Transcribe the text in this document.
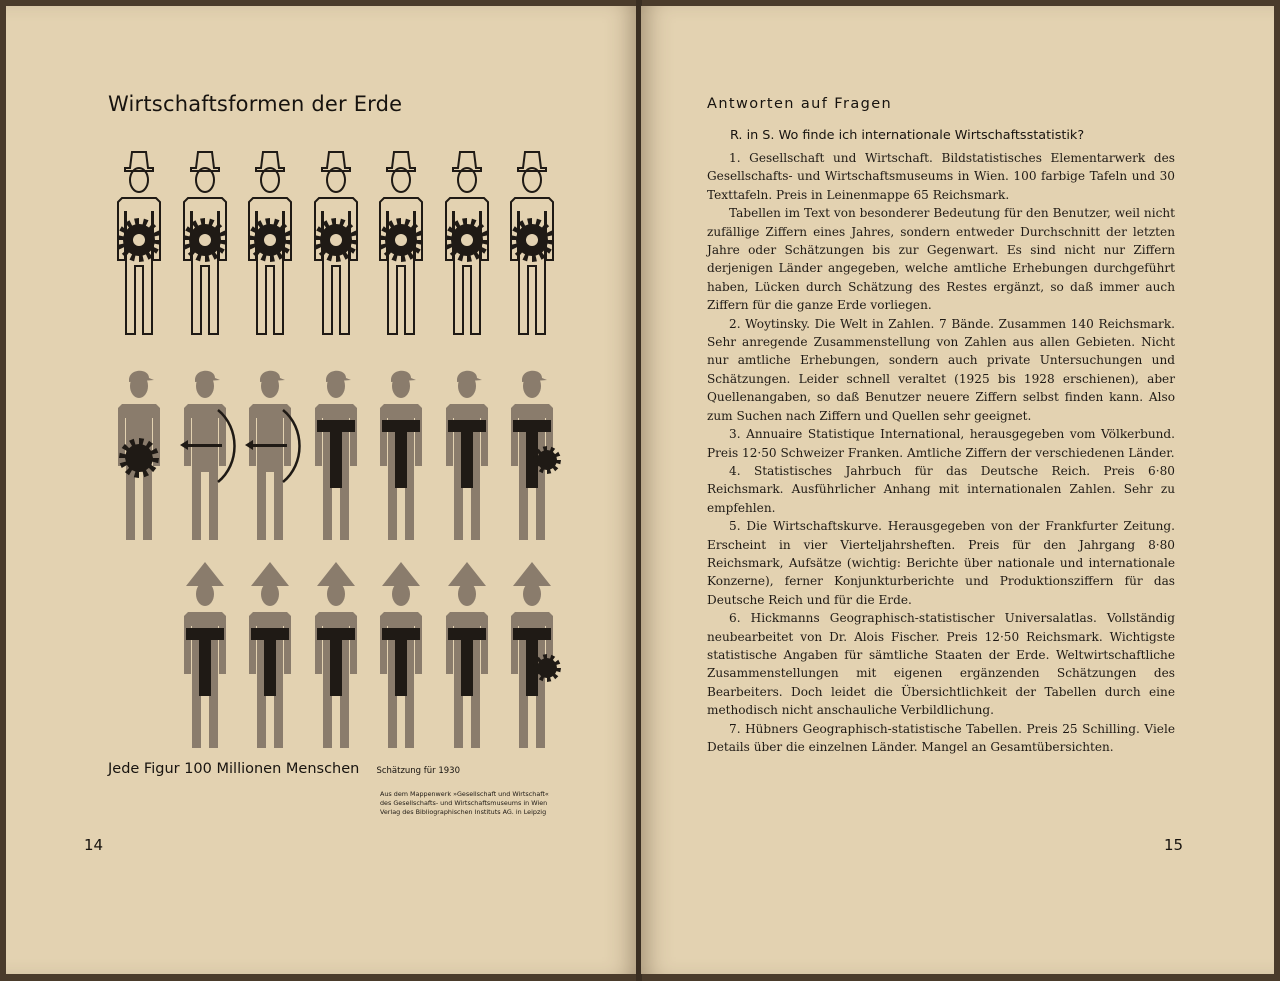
Wirtschaftsformen der Erde
Jede Figur 100 Millionen Menschen Schätzung für 1930
Aus dem Mappenwerk »Gesellschaft und Wirtschaft«
des Gesellschafts- und Wirtschaftsmuseums in Wien
Verlag des Bibliographischen Instituts AG. in Leipzig
14
Antworten auf Fragen
R. in S. Wo finde ich internationale Wirtschaftsstatistik?

1. Gesellschaft und Wirtschaft. Bildstatistisches Elementarwerk des Gesellschafts- und Wirtschaftsmuseums in Wien. 100 farbige Tafeln und 30 Texttafeln. Preis in Leinenmappe 65 Reichsmark.

Tabellen im Text von besonderer Bedeutung für den Benutzer, weil nicht zufällige Ziffern eines Jahres, sondern entweder Durchschnitt der letzten Jahre oder Schätzungen bis zur Gegenwart. Es sind nicht nur Ziffern derjenigen Länder angegeben, welche amtliche Erhebungen durchgeführt haben, Lücken durch Schätzung des Restes ergänzt, so daß immer auch Ziffern für die ganze Erde vorliegen.

2. Woytinsky. Die Welt in Zahlen. 7 Bände. Zusammen 140 Reichsmark. Sehr anregende Zusammenstellung von Zahlen aus allen Gebieten. Nicht nur amtliche Erhebungen, sondern auch private Untersuchungen und Schätzungen. Leider schnell veraltet (1925 bis 1928 erschienen), aber Quellenangaben, so daß Benutzer neuere Ziffern selbst finden kann. Also zum Suchen nach Ziffern und Quellen sehr geeignet.

3. Annuaire Statistique International, herausgegeben vom Völkerbund. Preis 12·50 Schweizer Franken. Amtliche Ziffern der verschiedenen Länder.

4. Statistisches Jahrbuch für das Deutsche Reich. Preis 6·80 Reichsmark. Ausführlicher Anhang mit internationalen Zahlen. Sehr zu empfehlen.

5. Die Wirtschaftskurve. Herausgegeben von der Frankfurter Zeitung. Erscheint in vier Vierteljahrsheften. Preis für den Jahrgang 8·80 Reichsmark, Aufsätze (wichtig: Berichte über nationale und internationale Konzerne), ferner Konjunkturberichte und Produktionsziffern für das Deutsche Reich und für die Erde.

6. Hickmanns Geographisch-statistischer Universalatlas. Vollständig neubearbeitet von Dr. Alois Fischer. Preis 12·50 Reichsmark. Wichtigste statistische Angaben für sämtliche Staaten der Erde. Weltwirtschaftliche Zusammenstellungen mit eigenen ergänzenden Schätzungen des Bearbeiters. Doch leidet die Übersichtlichkeit der Tabellen durch eine methodisch nicht anschauliche Verbildlichung.

7. Hübners Geographisch-statistische Tabellen. Preis 25 Schilling. Viele Details über die einzelnen Länder. Mangel an Gesamtübersichten.

15
